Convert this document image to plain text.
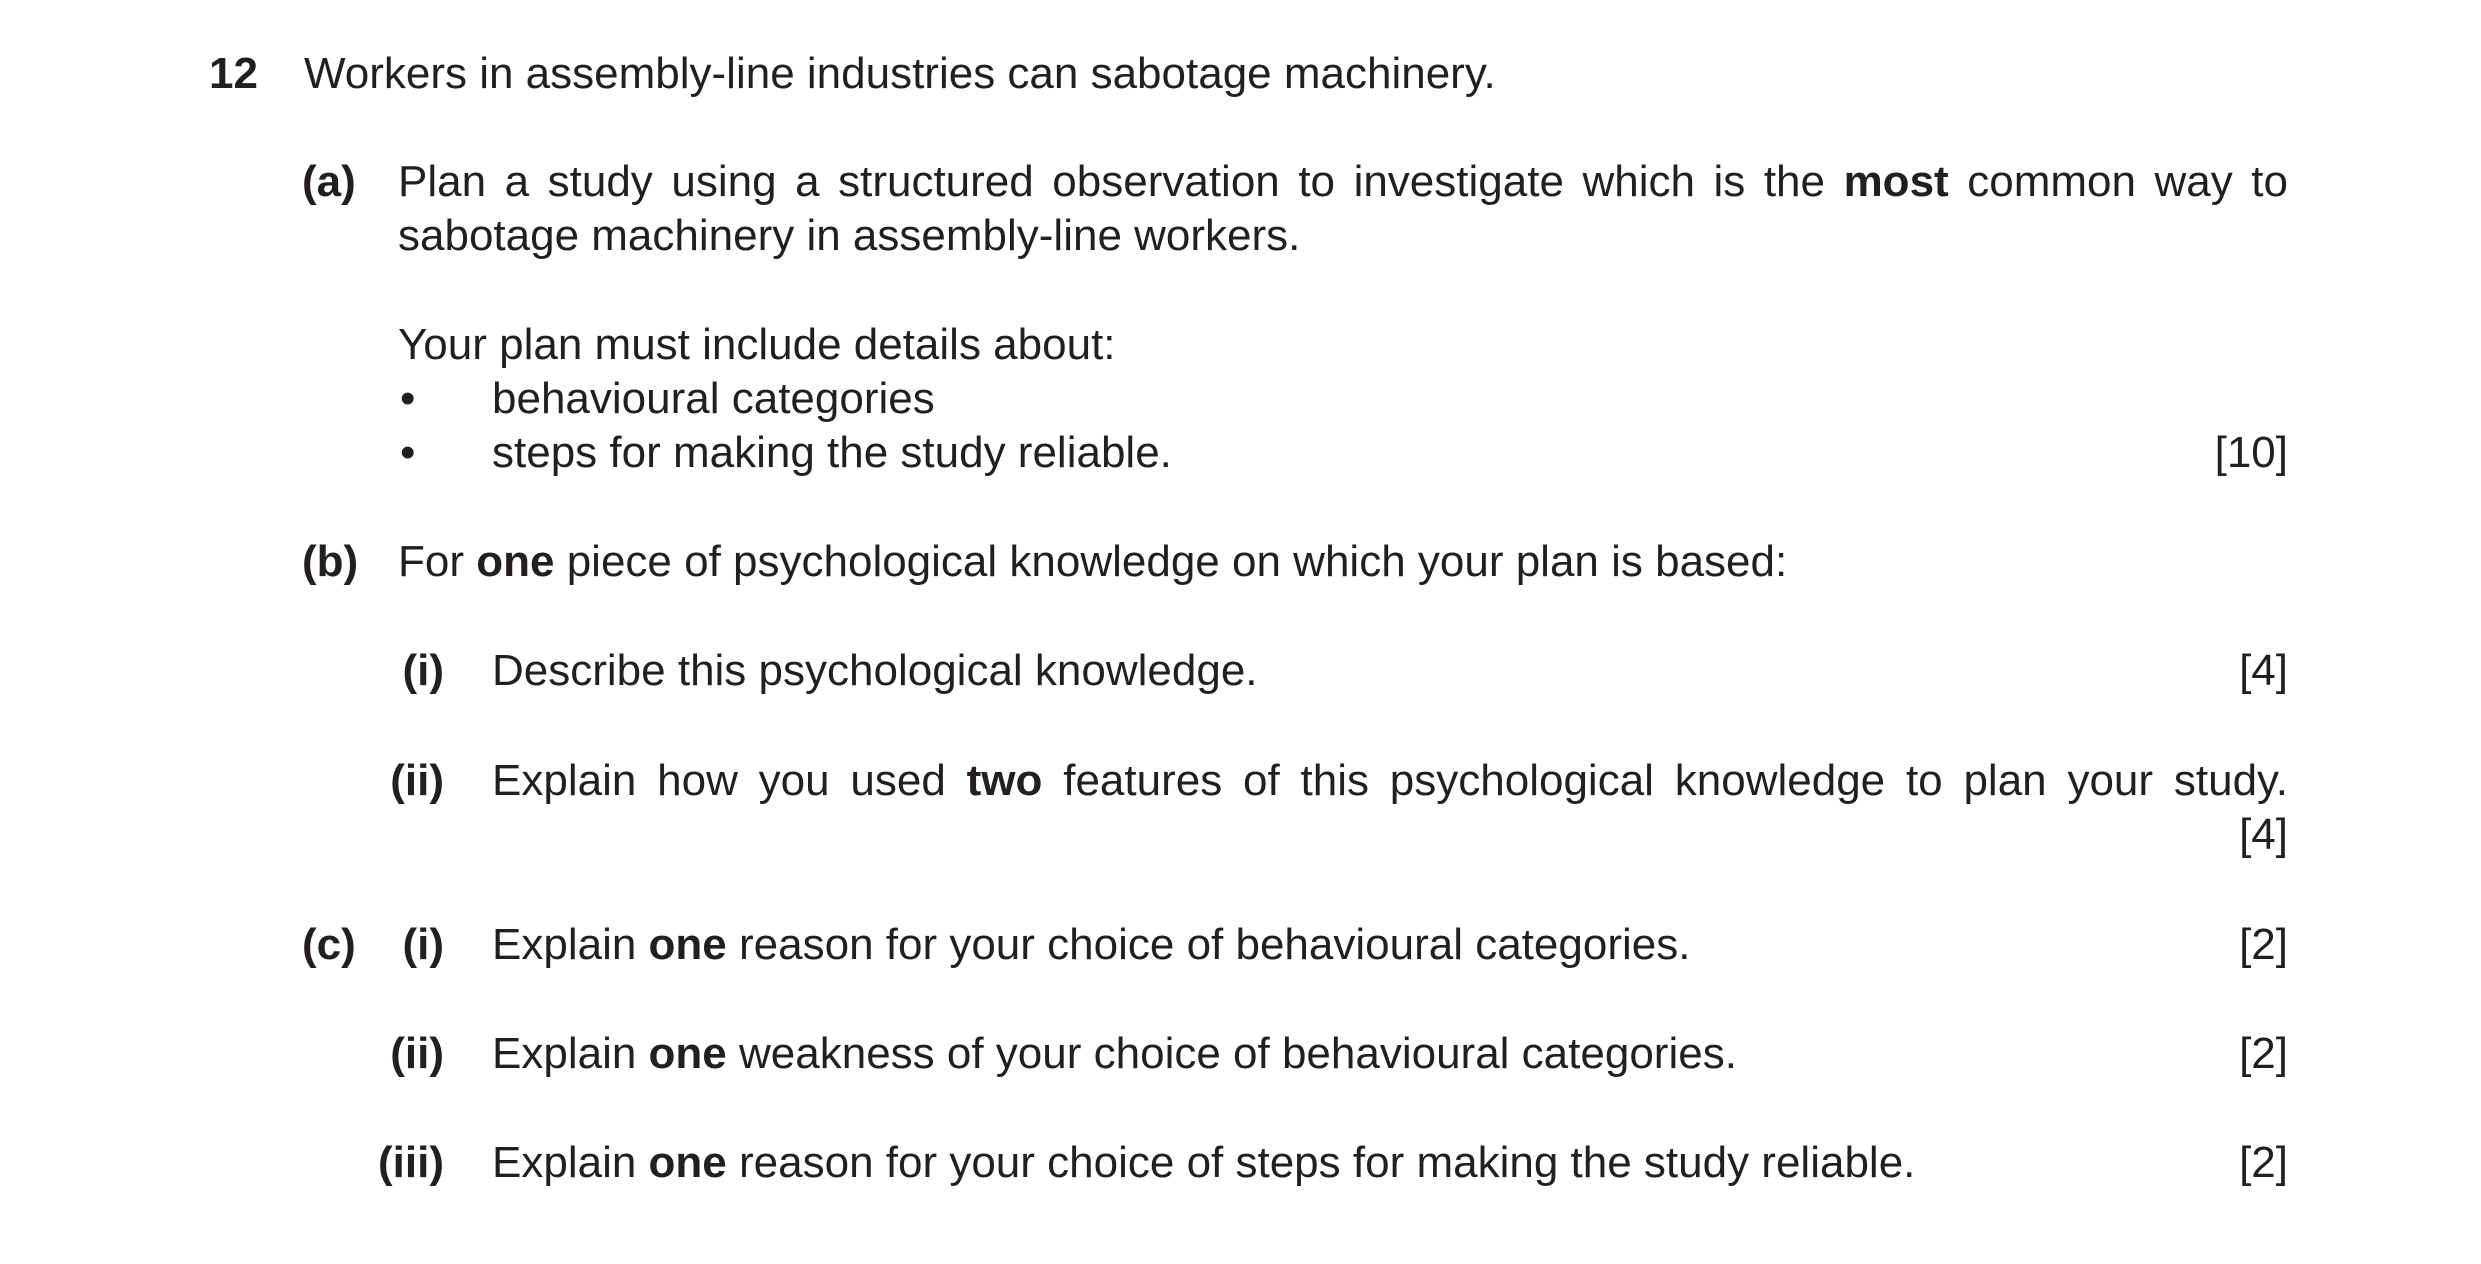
12 Workers in assembly-line industries can sabotage machinery.
(a) Plan a study using a structured observation to investigate which is the most common way to
sabotage machinery in assembly-line workers.
Your plan must include details about:
• behavioural categories
• steps for making the study reliable.	[10]
(b) For one piece of psychological knowledge on which your plan is based:
(i) Describe this psychological knowledge.	[4]
(ii) Explain how you used two features of this psychological knowledge to plan your study.
[4]
(c)	(i) Explain one reason for your choice of behavioural categories.	[2]
(ii) Explain one weakness of your choice of behavioural categories.	[2]
(iii) Explain one reason for your choice of steps for making the study reliable.	[2]
